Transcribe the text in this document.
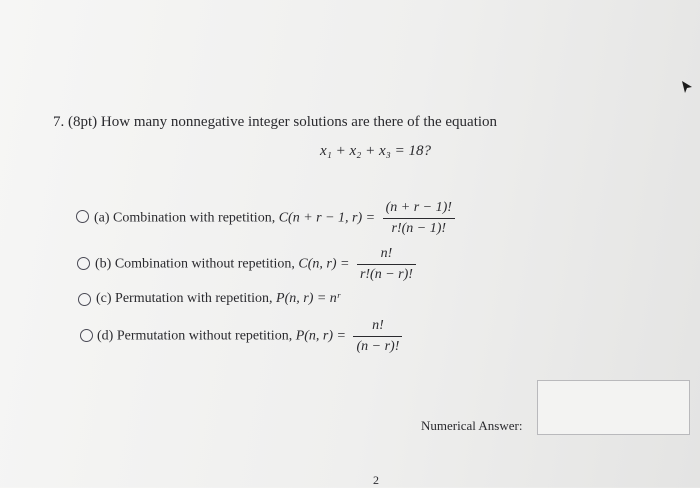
7. (8pt) How many nonnegative integer solutions are there of the equation
x₁ + x₂ + x₃ = 18?
(a) Combination with repetition, C(n + r − 1, $r) = \frac{(n + r - 1)!}{r!(n - 1)!}$
(b) Combination without repetition, C(n, $r) = \frac{n!}{r!(n - r)!}$
(c) Permutation with repetition, P(n, r) = nʳ
(d) Permutation without repetition, P(n, $r) = \frac{n!}{(n - r)!}$
Numerical Answer:
2
